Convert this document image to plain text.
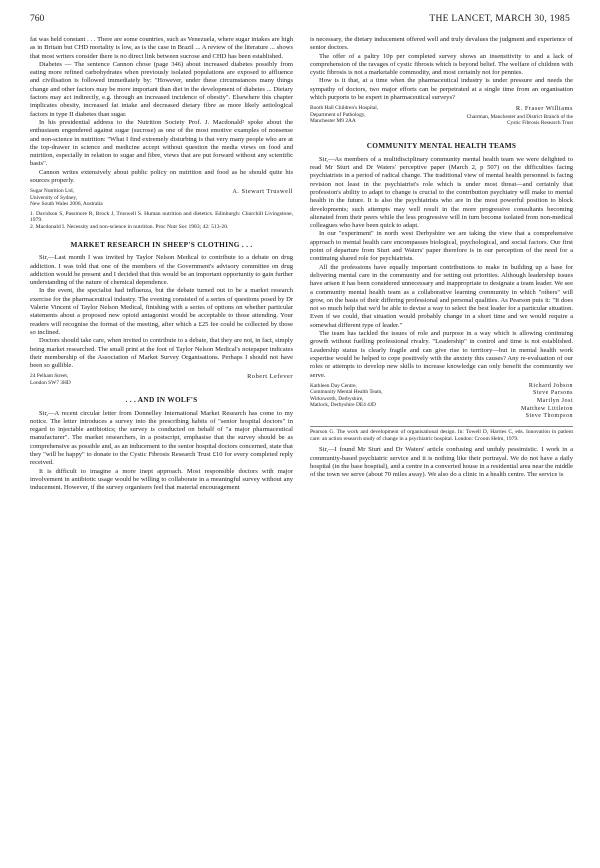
760	THE LANCET, MARCH 30, 1985

fat was held constant . . . There are some countries, such as Venezuela, where sugar intakes are high as in Britain but CHD mortality is low, as is the case in Brazil ... A review of the literature ... shows that most writers consider there is no direct link between sucrose and CHD has been established.

Diabetes — The sentence Cannon chose (page 346) about increased diabetes possibly from eating more refined carbohydrates when previously isolated populations are exposed to affluence and civilisation is followed immediately by: "However, under these circumstances many things change and other factors may be more important than diet in the development of diabetes ... Dietary factors may act indirectly, e.g. through an increased incidence of obesity". Elsewhere this chapter implicates obesity, increased fat intake and decreased dietary fibre as more likely aetiological factors in type II diabetes than sugar.

In his presidential address to the Nutrition Society Prof. J. Macdonald² spoke about the enthusiasm engendered against sugar (sucrose) as one of the most emotive examples of nonsense and non-science in nutrition: "What I find extremely disturbing is that very many people who are at the top-drawer in science and medicine accept without question the media views on food and nutrition, especially in relation to sugar and fibre, views that are put forward without any scientific basis".

Cannon writes extensively about public policy on nutrition and food as he should quite his sources properly.

Sugar Nutrition Ltd,
University of Sydney,
New South Wales 2006, Australia
A. Stewart Truswell
1. Davidson S, Passmore R, Brock J, Truswell S. Human nutrition and dietetics. Edinburgh: Churchill Livingstone, 1979.
2. Macdonald I. Necessity and non-science in nutrition. Proc Nutr Soc 1983; 42: 513-20.
MARKET RESEARCH IN SHEEP'S CLOTHING . . .

Sir,—Last month I was invited by Taylor Nelson Medical to contribute to a debate on drug addiction. I was told that one of the members of the Government's advisory committee on drug addiction would be present and I decided that this would be an important opportunity to gain further understanding of the nature of chemical dependence.

In the event, the specialist had influenza, but the debate turned out to be a market research exercise for the pharmaceutical industry. The evening consisted of a series of questions posed by Dr Valerie Vincent of Taylor Nelson Medical, finishing with a series of options on whether particular statements about a proposed new opioid antagonist would be acceptable to those attending. Your readers will recognise the format of the meeting, after which a £25 fee could be collected by those so inclined.

Doctors should take care, when invited to contribute to a debate, that they are not, in fact, simply being market researched. The small print at the foot of Taylor Nelson Medical's notepaper indicates their membership of the Association of Market Survey Organisations. Perhaps I should not have been so gullible.

24 Pelham Street,
London SW7 3HD
Robert Lefever
. . . AND IN WOLF'S

Sir,—A recent circular letter from Donnelley International Market Research has come to my notice. The letter introduces a survey into the prescribing habits of "senior hospital doctors" in regard to injectable antibiotics; the survey is conducted on behalf of "a major pharmaceutical manufacturer". The market researchers, in a postscript, emphasise that the survey should be as comprehensive as possible and, as an inducement to the senior hospital doctors concerned, state that they "will be happy" to donate to the Cystic Fibrosis Research Trust £10 for every completed reply received.

It is difficult to imagine a more inept approach. Most responsible doctors with major involvement in antibiotic usage would be willing to collaborate in a meaningful survey without any inducement. However, if the survey organisers feel that material encouragement

is necessary, the dietary inducement offered well and truly devalues the judgment and experience of senior doctors.

The offer of a paltry 10p per completed survey shows an insensitivity to and a lack of comprehension of the ravages of cystic fibrosis which is beyond belief. The welfare of children with cystic fibrosis is not a marketable commodity, and most certainly not for pennies.

How is it that, at a time when the pharmaceutical industry is under pressure and needs the sympathy of doctors, two major efforts can be perpetrated at a single time from an organisation which purports to be expert in pharmaceutical surveys?

Booth Hall Children's Hospital,
Department of Pathology,
Manchester M9 2AA
R. Fraser Williams
Chairman, Manchester and District Branch of the Cystic Fibrosis Research Trust
COMMUNITY MENTAL HEALTH TEAMS

Sir,—As members of a multidisciplinary community mental health team we were delighted to read Mr Sturt and Dr Waters' perceptive paper (March 2, p 507) on the difficulties facing psychiatrists in a period of radical change. The traditional view of mental health personnel is facing revision not least in the psychiatrist's role which is under most threat—and certainly that profession's ability to adapt to change is crucial to the contribution psychiatry will make to mental health in the future. It is also the psychiatrists who are in the most powerful position to block developments; such attempts may well result in the more progressive consultants becoming alienated from their peers while the less progressive will in turn become isolated from non-medical colleagues who have been quick to adapt.

In our "experiment" in north west Derbyshire we are taking the view that a comprehensive approach to mental health care encompasses biological, psychological, and social factors. Our first point of departure from Sturt and Waters' paper therefore is in our perception of the need for a continuing shared role for psychiatrists.

All the professions have equally important contributions to make in building up a base for delivering mental care in the community and for setting out priorities. Although leadership issues have arisen it has been considered unnecessary and inappropriate to designate a team leader. We see a community mental health team as a collaborative learning community in which "others" will grow, on the basis of their differing professional and personal qualities. As Pearson puts it: "It does not so much help that we'd be able to devise a way to select the best leader for a particular situation. Even if we could, that situation would probably change in a short time and we would require a somewhat different type of leader."

The team has tackled the issues of role and purpose in a way which is allowing continuing growth without fuelling professional rivalry. "Leadership" in control and time is not established. Leadership status is clearly fragile and can give rise to territory—but in mental health work expertise would be helped to cope positively with the anxiety this causes? Any re-evaluation of our roles or attempts to develop new skills to increase knowledge can only benefit the community we serve.

Kathleen Day Centre,
Community Mental Health Team,
Wirksworth, Derbyshire,
Matlock, Derbyshire DE4 4JD
Richard Jobson
Steve Parsons
Marilyn Jost
Matthew Littleton
Steve Thompson
Pearson G. The work and development of organisational design. In: Towell D, Harries C, eds. Innovation in patient care: an action research study of change in a psychiatric hospital. London: Croom Helm, 1979.

Sir,—I found Mr Sturt and Dr Waters' article confusing and unduly pessimistic. I work in a community-based psychiatric service and it is nothing like their portrayal. We do not have a daily hospital (in the base hospital), and a centre in a converted house in a residential area near the middle of the town we serve (about 70 miles away). We also do a clinic in a health centre. The service is
